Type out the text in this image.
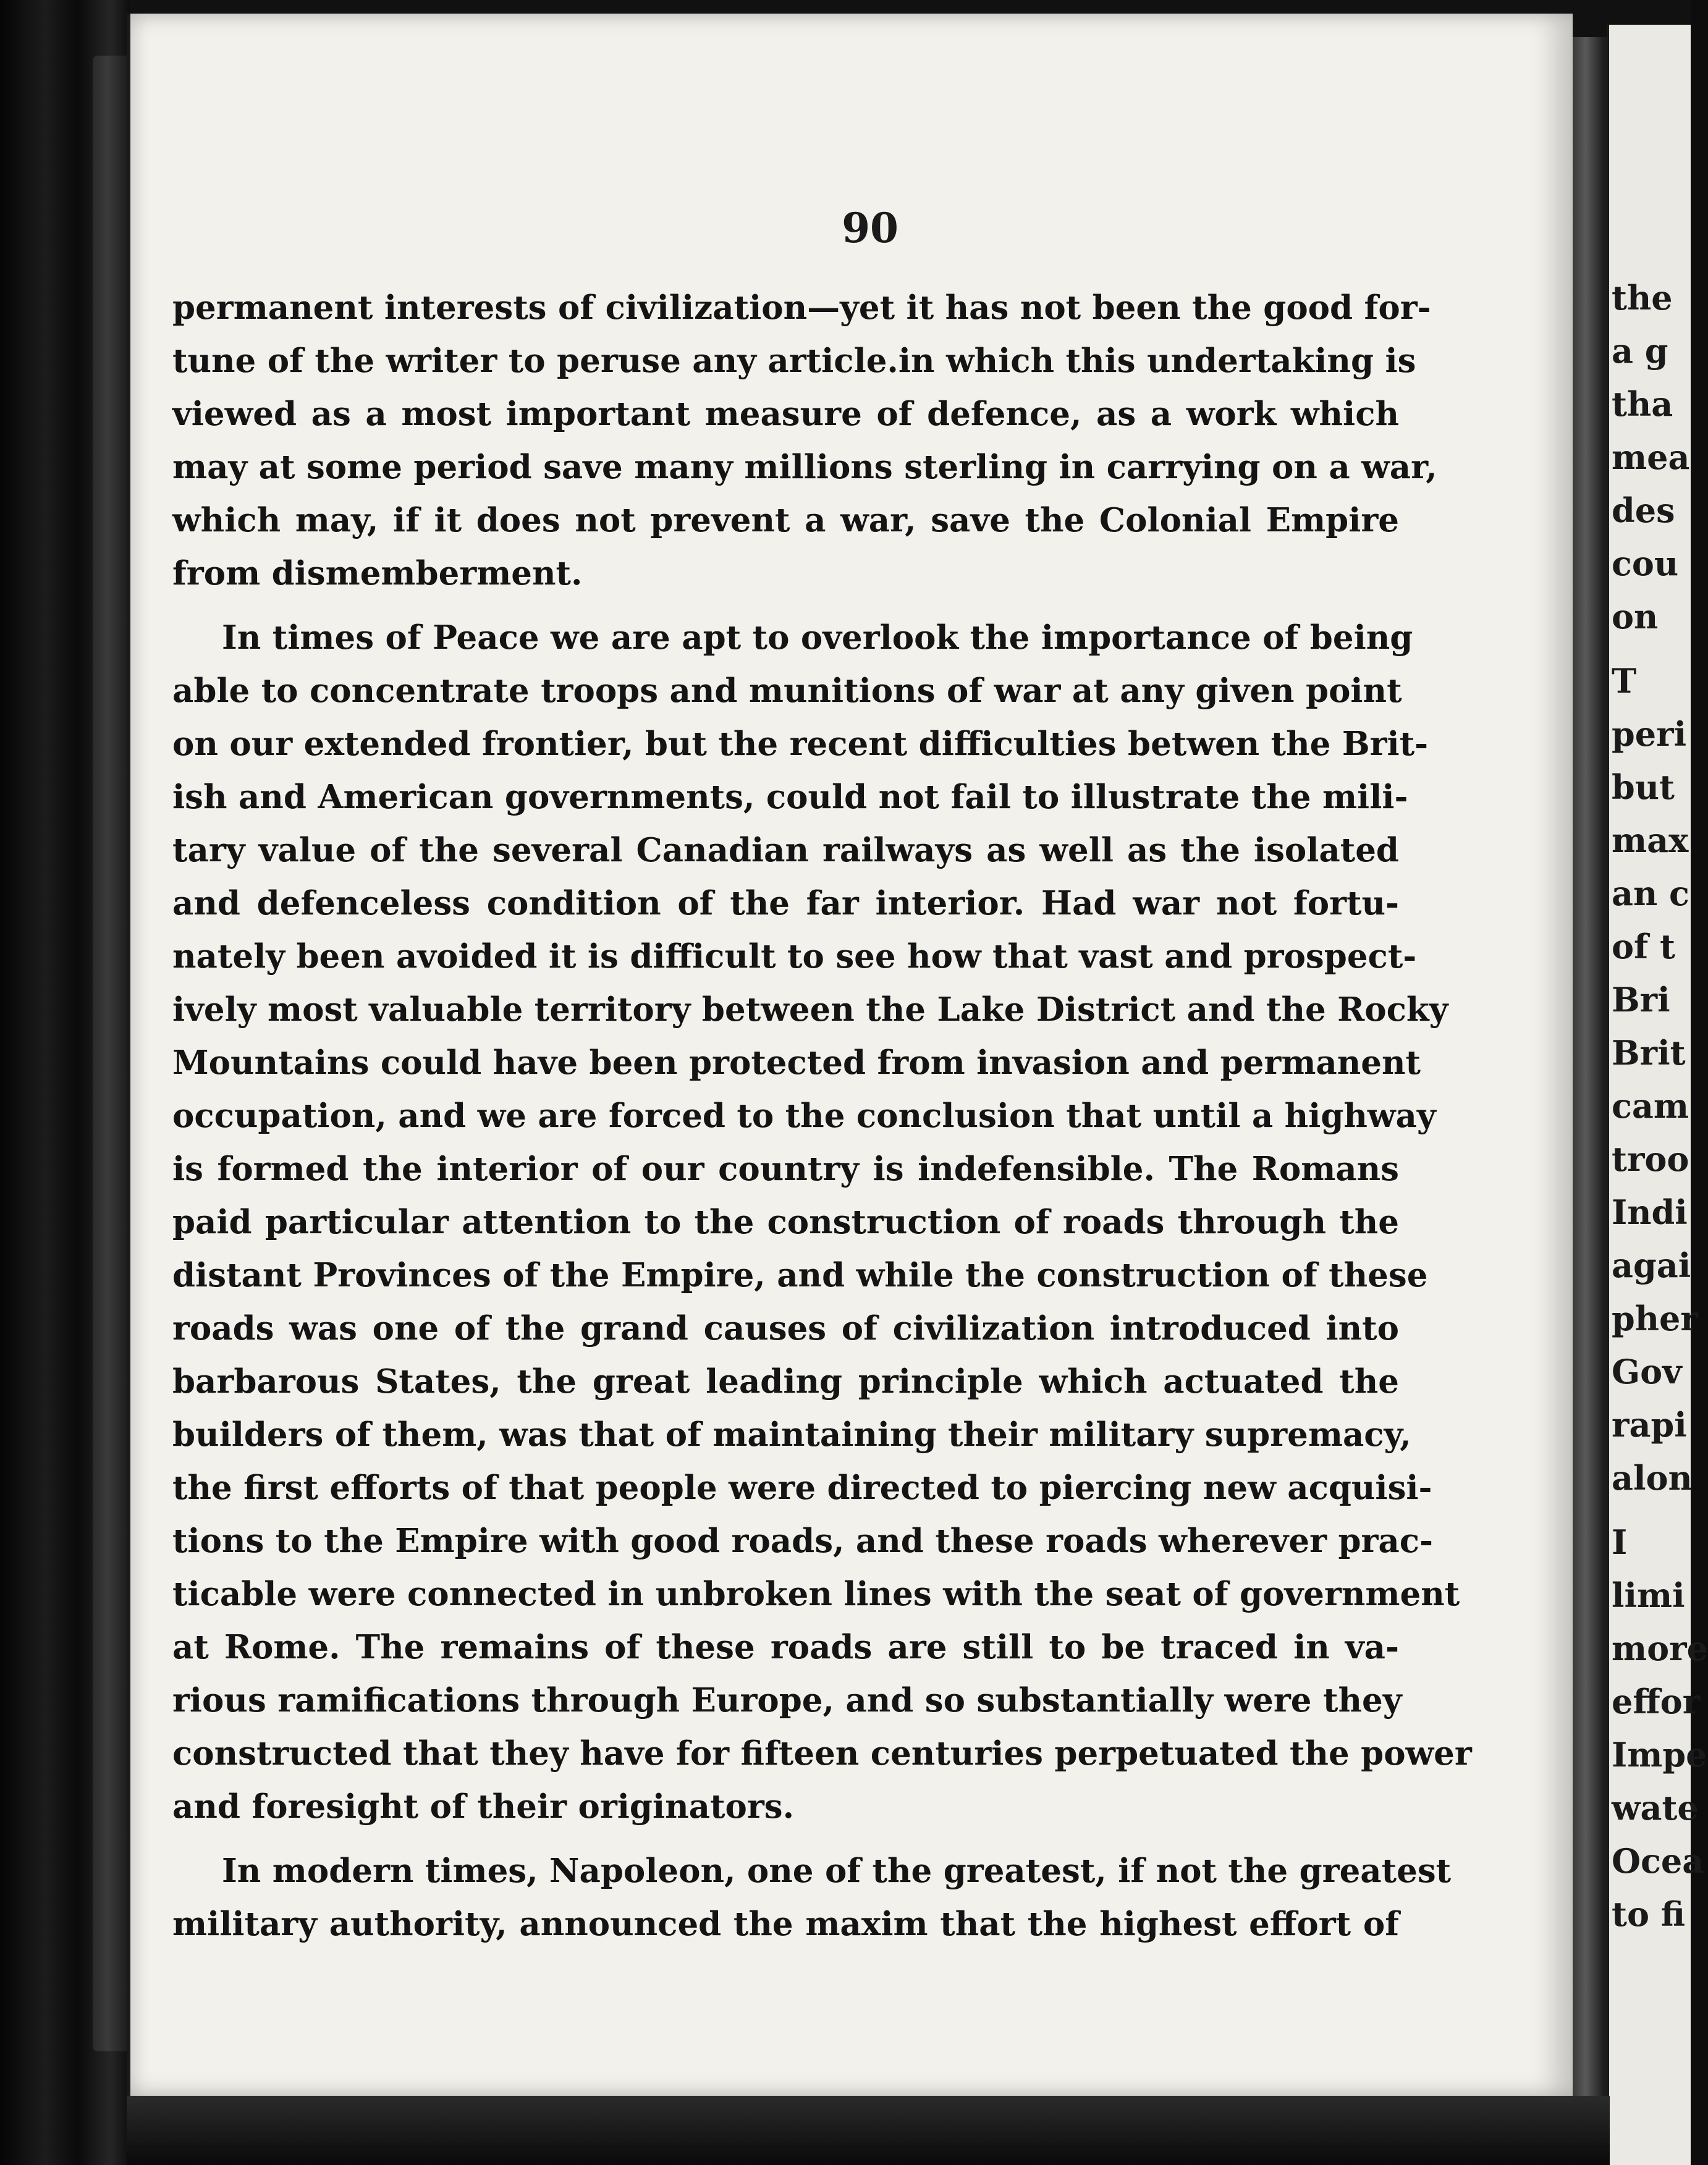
90
permanent interests of civilization—yet it has not been the good for-
tune of the writer to peruse any article.in which this undertaking is
viewed as a most important measure of defence, as a work which
may at some period save many millions sterling in carrying on a war,
which may, if it does not prevent a war, save the Colonial Empire
from dismemberment.
In times of Peace we are apt to overlook the importance of being
able to concentrate troops and munitions of war at any given point
on our extended frontier, but the recent difficulties betwen the Brit-
ish and American governments, could not fail to illustrate the mili-
tary value of the several Canadian railways as well as the isolated
and defenceless condition of the far interior. Had war not fortu-
nately been avoided it is difficult to see how that vast and prospect-
ively most valuable territory between the Lake District and the Rocky
Mountains could have been protected from invasion and permanent
occupation, and we are forced to the conclusion that until a highway
is formed the interior of our country is indefensible. The Romans
paid particular attention to the construction of roads through the
distant Provinces of the Empire, and while the construction of these
roads was one of the grand causes of civilization introduced into
barbarous States, the great leading principle which actuated the
builders of them, was that of maintaining their military supremacy,
the first efforts of that people were directed to piercing new acquisi-
tions to the Empire with good roads, and these roads wherever prac-
ticable were connected in unbroken lines with the seat of government
at Rome. The remains of these roads are still to be traced in va-
rious ramifications through Europe, and so substantially were they
constructed that they have for fifteen centuries perpetuated the power
and foresight of their originators.
In modern times, Napoleon, one of the greatest, if not the greatest
military authority, announced the maxim that the highest effort of
the
a g
tha
mea
des
cou
on
T
peri
but
max
an c
of t
Bri
Brit
cam
troo
Indi
agai
pher
Gov
rapi
alon
I
limi
more
effor
Impe
wate
Ocea
to fi
